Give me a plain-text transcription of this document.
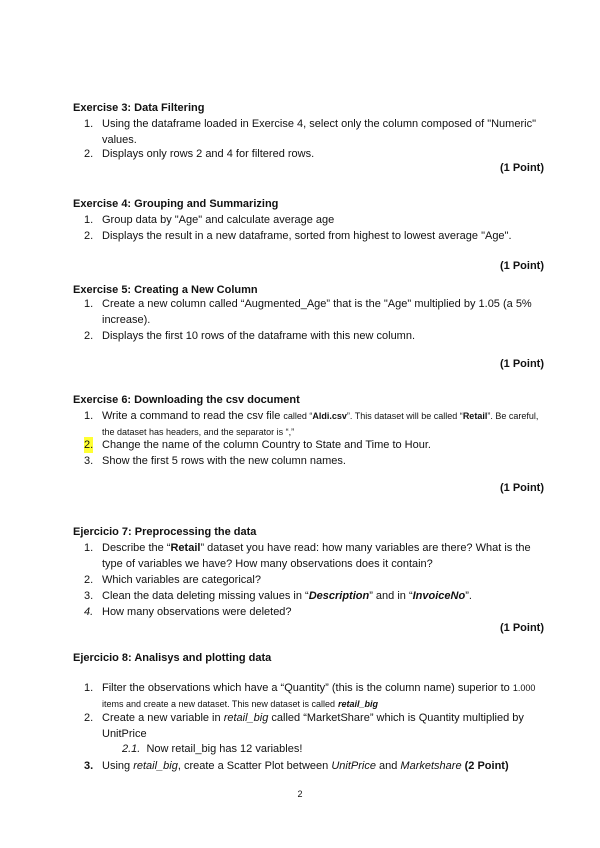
Exercise 3: Data Filtering
1. Using the dataframe loaded in Exercise 4, select only the column composed of "Numeric" values.
2. Displays only rows 2 and 4 for filtered rows.
(1 Point)
Exercise 4: Grouping and Summarizing
1. Group data by "Age" and calculate average age
2. Displays the result in a new dataframe, sorted from highest to lowest average "Age".
(1 Point)
Exercise 5: Creating a New Column
1. Create a new column called “Augmented_Age” that is the "Age" multiplied by 1.05 (a 5% increase).
2. Displays the first 10 rows of the dataframe with this new column.
(1 Point)
Exercise 6: Downloading the csv document
1. Write a command to read the csv file called “Aldi.csv”. This dataset will be called “Retail”. Be careful, the dataset has headers, and the separator is “,”
2. Change the name of the column Country to State and Time to Hour.
3. Show the first 5 rows with the new column names.
(1 Point)
Ejercicio 7: Preprocessing the data
1. Describe the “Retail” dataset you have read: how many variables are there? What is the type of variables we have? How many observations does it contain?
2. Which variables are categorical?
3. Clean the data deleting missing values in “Description” and in “InvoiceNo”.
4. How many observations were deleted?
(1 Point)
Ejercicio 8: Analisys and plotting data
1. Filter the observations which have a “Quantity” (this is the column name) superior to 1.000 items and create a new dataset. This new dataset is called retail_big
2. Create a new variable in retail_big called “MarketShare” which is Quantity multiplied by UnitPrice
2.1. Now retail_big has 12 variables!
3. Using retail_big, create a Scatter Plot between UnitPrice and Marketshare (2 Point)
2
